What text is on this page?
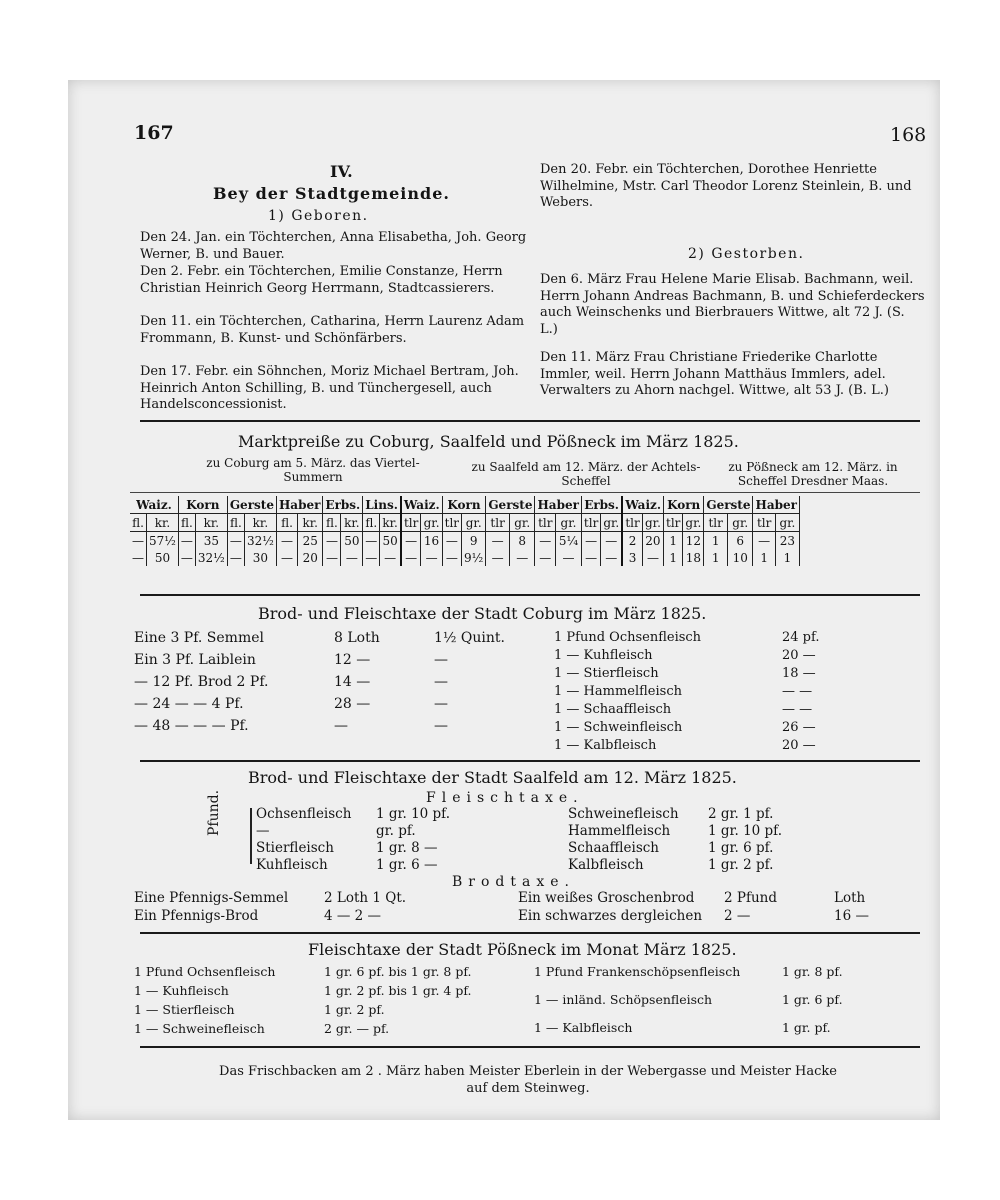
167	168
IV.
Bey der Stadtgemeinde.
1) Geboren.
Den 24. Jan. ein Töchterchen, Anna Elisabetha, Joh. Georg Werner, B. und Bauer.
Den 2. Febr. ein Töchterchen, Emilie Constanze, Herrn Christian Heinrich Georg Herrmann, Stadtcassierers.
Den 11. ein Töchterchen, Catharina, Herrn Laurenz Adam Frommann, B. Kunst- und Schönfärbers.
Den 17. Febr. ein Söhnchen, Moriz Michael Bertram, Joh. Heinrich Anton Schilling, B. und Tünchergesell, auch Handelsconcessionist.
Den 20. Febr. ein Töchterchen, Dorothee Henriette Wilhelmine, Mstr. Carl Theodor Lorenz Steinlein, B. und Webers.
2) Gestorben.
Den 6. März Frau Helene Marie Elisab. Bachmann, weil. Herrn Johann Andreas Bachmann, B. und Schieferdeckers auch Weinschenks und Bierbrauers Wittwe, alt 72 J. (S. L.)
Den 11. März Frau Christiane Friederike Charlotte Immler, weil. Herrn Johann Matthäus Immlers, adel. Verwalters zu Ahorn nachgel. Wittwe, alt 53 J. (B. L.)
Marktpreiße zu Coburg, Saalfeld und Pößneck im März 1825.
zu Coburg am 5. März. das Viertel-Summern
zu Saalfeld am 12. März. der Achtels-Scheffel
zu Pößneck am 12. März. in Scheffel Dresdner Maas.
Waiz.		Korn		Gerste		Haber		Erbs.		Lins.		Waiz.		Korn		Gerste		Haber		Erbs.		Waiz.		Korn		Gerste		Haber	
fl.	kr.	fl.	kr.	fl.	kr.	fl.	kr.	fl.	kr.	fl.	kr.	tlr	gr.	tlr	gr.	tlr	gr.	tlr	gr.	tlr	gr.	tlr	gr.	tlr	gr.	tlr	gr.	tlr	gr.
—	57½	—	35	—	32½	—	25	—	50	—	50	—	16	—	9	—	8	—	5¼	—	—	2	20	1	12	1	6	—	23
—	50	—	32½	—	30	—	20	—	—	—	—	—	—	—	9½	—	—	—	—	—	—	3	—	1	18	1	10	1	1
Brod- und Fleischtaxe der Stadt Coburg im März 1825.
Eine 3 Pf. Semmel	8 Loth	1½ Quint.
Ein 3 Pf. Laiblein	12 —	—
— 12 Pf. Brod 2 Pf.	14 —	—
— 24 — — 4 Pf.	28 —	—
— 48 — — — Pf.	—	—
1 Pfund Ochsenfleisch	24 pf.
1 — Kuhfleisch	20 —
1 — Stierfleisch	18 —
1 — Hammelfleisch	— —
1 — Schaaffleisch	— —
1 — Schweinfleisch	26 —
1 — Kalbfleisch	20 —
Brod- und Fleischtaxe der Stadt Saalfeld am 12. März 1825.
Fleischtaxe.
Pfund.	Ochsenfleisch 1 gr. 10 pf.
—	gr. pf.
Stierfleisch	1 gr. 8 —
Kuhfleisch	1 gr. 6 —
Schweinefleisch 2 gr. 1 pf.
Hammelfleisch	1 gr. 10 pf.
Schaaffleisch	1 gr. 6 pf.
Kalbfleisch	1 gr. 2 pf.
Brodtaxe.
Eine Pfennigs-Semmel	2 Loth 1 Qt.	Ein weißes Groschenbrod 2 Pfund	Loth
Ein Pfennigs-Brod	4 — 2 —	Ein schwarzes dergleichen 2 —	16 —
Fleischtaxe der Stadt Pößneck im Monat März 1825.
1 Pfund Ochsenfleisch	1 gr. 6 pf. bis 1 gr. 8 pf.
1 — Kuhfleisch	1 gr. 2 pf. bis 1 gr. 4 pf.
1 — Stierfleisch	1 gr. 2 pf.
1 — Schweinefleisch	2 gr. — pf.
1 Pfund Frankenschöpsenfleisch	1 gr. 8 pf.
1 — inländ. Schöpsenfleisch	1 gr. 6 pf.
1 — Kalbfleisch	1 gr. pf.
Das Frischbacken am 2 . März haben Meister Eberlein in der Webergasse und Meister Hacke auf dem Steinweg.
